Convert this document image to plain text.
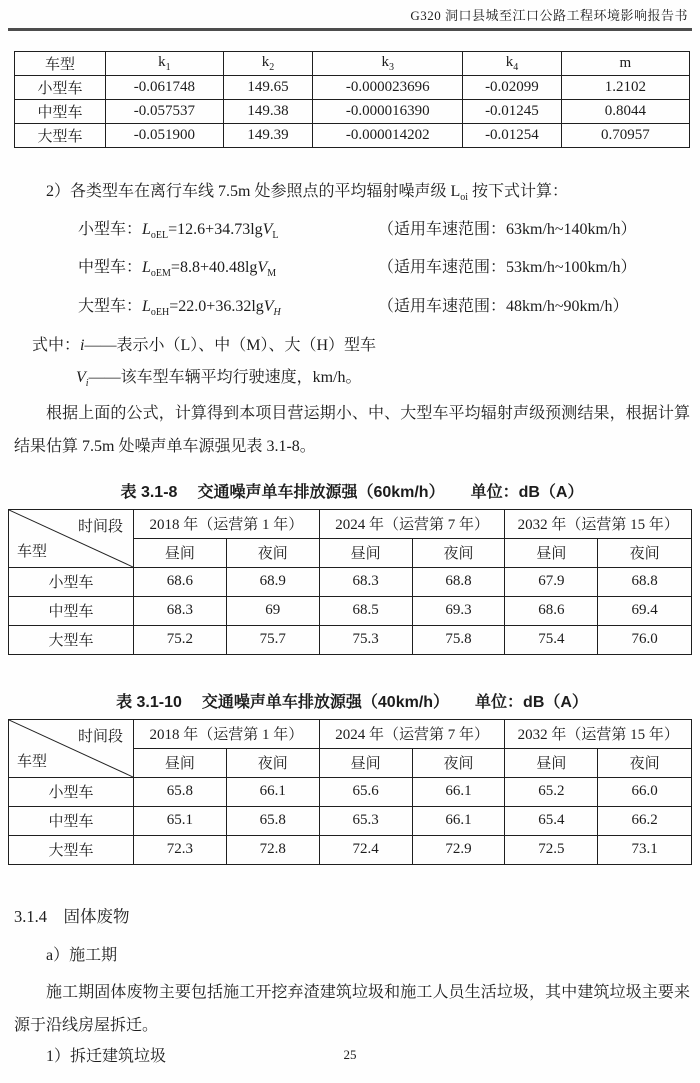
G320 洞口县城至江口公路工程环境影响报告书
车型	$k_1$	$k_2$	$k_3$	$k_4$	m
小型车	-0.061748	149.65	-0.000023696	-0.02099	1.2102
中型车	-0.057537	149.38	-0.000016390	-0.01245	0.8044
大型车	-0.051900	149.39	-0.000014202	-0.01254	0.70957

2）各类型车在离行车线 7.5m 处参照点的平均辐射噪声级 $L_{oi}$ 按下式计算：

小型车：$L_{oEL}=12.6+34.73\lg V_L$	（适用车速范围：63km/h~140km/h）
中型车：$L_{oEM}=8.8+40.48\lg V_M$	（适用车速范围：53km/h~100km/h）
大型车：$L_{oEH}=22.0+36.32\lg V_H$	（适用车速范围：48km/h~90km/h）
式中：i——表示小（L）、中（M）、大（H）型车
$V_i——$该车型车辆平均行驶速度，km/h。

根据上面的公式，计算得到本项目营运期小、中、大型车平均辐射声级预测结果，根据计算结果估算 7.5m 处噪声单车源强见表 3.1-8。

表 3.1-8 交通噪声单车排放源强（60km/h） 单位：dB（A）
时间段
车型	2018 年（运营第 1 年）		2024 年（运营第 7 年）		2032 年（运营第 15 年）	
	昼间	夜间	昼间	夜间	昼间	夜间
小型车	68.6	68.9	68.3	68.8	67.9	68.8
中型车	68.3	69	68.5	69.3	68.6	69.4
大型车	75.2	75.7	75.3	75.8	75.4	76.0
表 3.1-10 交通噪声单车排放源强（40km/h） 单位：dB（A）
时间段
车型	2018 年（运营第 1 年）		2024 年（运营第 7 年）		2032 年（运营第 15 年）	
	昼间	夜间	昼间	夜间	昼间	夜间
小型车	65.8	66.1	65.6	66.1	65.2	66.0
中型车	65.1	65.8	65.3	66.1	65.4	66.2
大型车	72.3	72.8	72.4	72.9	72.5	73.1
3.1.4　固体废物
a）施工期

施工期固体废物主要包括施工开挖弃渣建筑垃圾和施工人员生活垃圾，其中建筑垃圾主要来源于沿线房屋拆迁。

1）拆迁建筑垃圾	25
